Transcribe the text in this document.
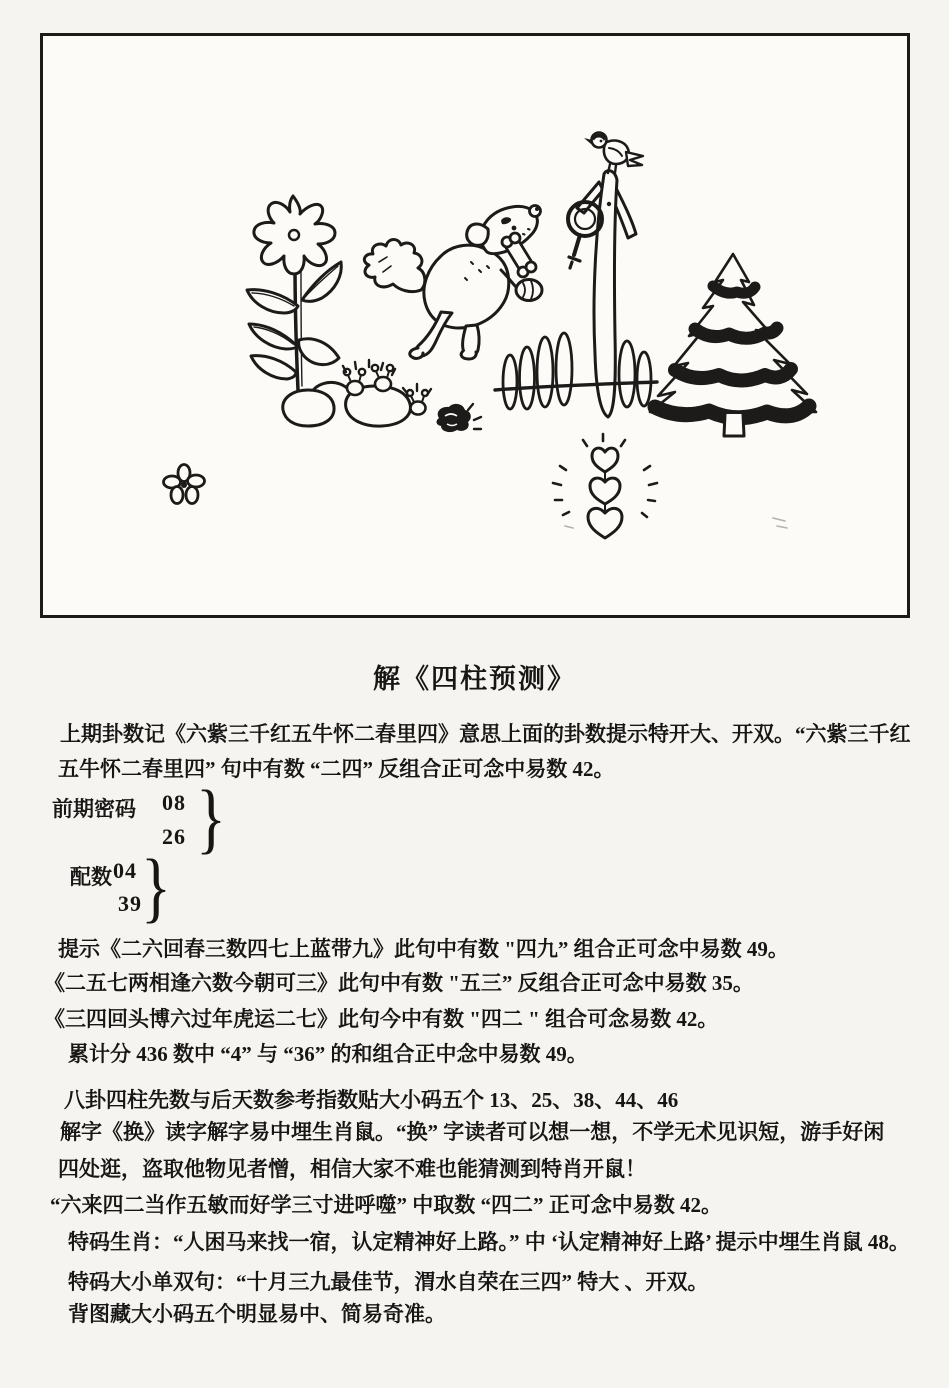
解《四柱预测》
上期卦数记《六紫三千红五牛怀二春里四》意思上面的卦数提示特开大、开双。“六紫三千红
五牛怀二春里四” 句中有数 “二四” 反组合正可念中易数 42。
前期密码 08
26 }
配数 04
39 }
提示《二六回春三数四七上蓝带九》此句中有数 "四九” 组合正可念中易数 49。
《二五七两相逢六数今朝可三》此句中有数 "五三” 反组合正可念中易数 35。
《三四回头博六过年虎运二七》此句今中有数 "四二 " 组合可念易数 42。
累计分 436 数中 “4” 与 “36” 的和组合正中念中易数 49。
八卦四柱先数与后天数参考指数贴大小码五个 13、25、38、44、46
解字《换》读字解字易中埋生肖鼠。“换” 字读者可以想一想，不学无术见识短，游手好闲
四处逛，盗取他物见者憎，相信大家不难也能猜测到特肖开鼠！
“六来四二当作五敏而好学三寸进呼噬” 中取数 “四二” 正可念中易数 42。
特码生肖：“人困马来找一宿，认定精神好上路。” 中 ‘认定精神好上路’ 提示中埋生肖鼠 48。
特码大小单双句：“十月三九最佳节，渭水自荣在三四” 特大 、开双。
背图藏大小码五个明显易中、简易奇准。
